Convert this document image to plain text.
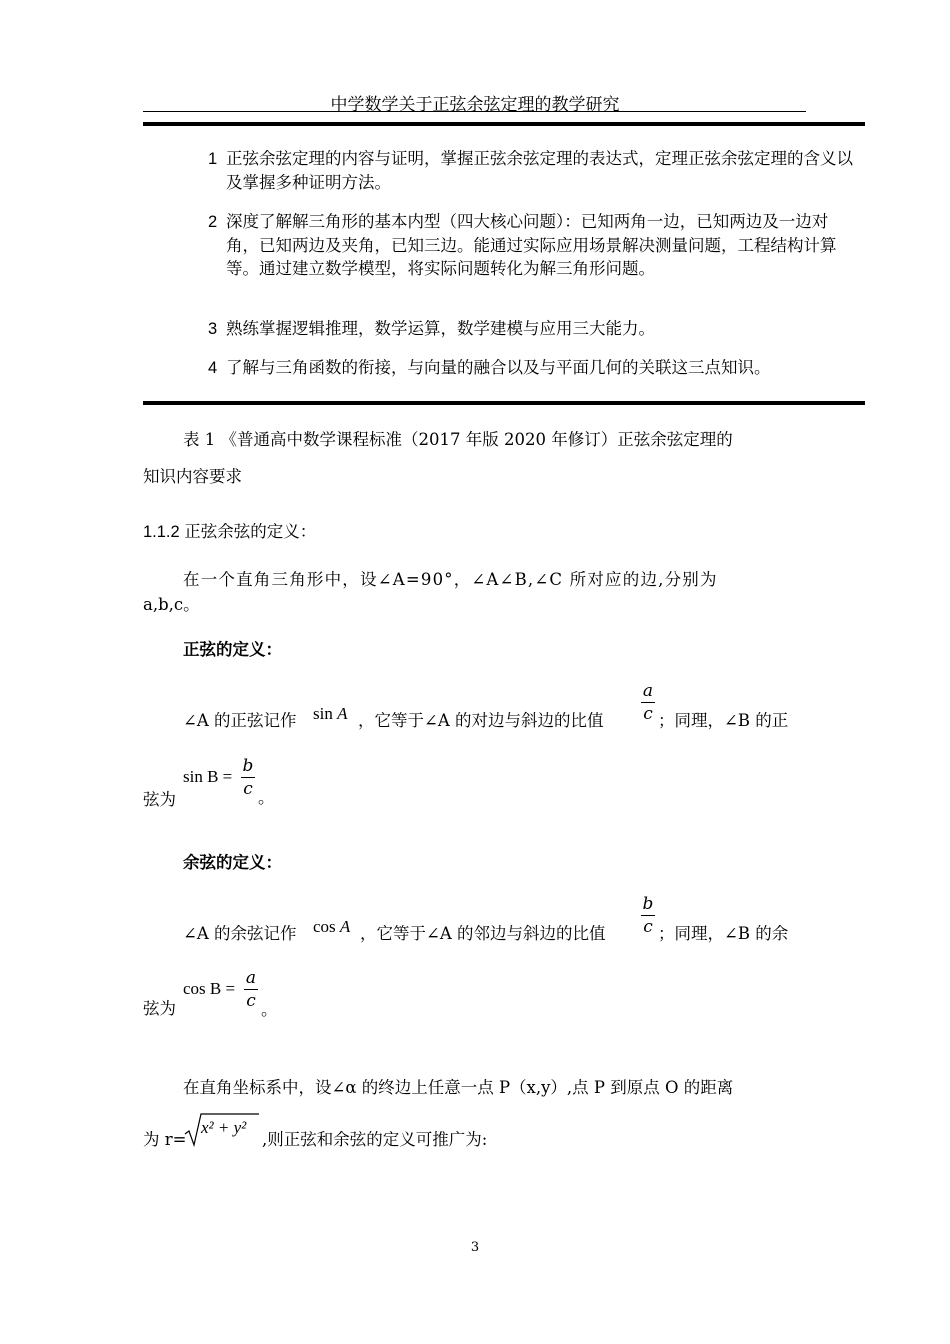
中学数学关于正弦余弦定理的教学研究
1 正弦余弦定理的内容与证明，掌握正弦余弦定理的表达式，定理正弦余弦定理的含义以及掌握多种证明方法。
2 深度了解解三角形的基本内型（四大核心问题）：已知两角一边，已知两边及一边对角，已知两边及夹角，已知三边。能通过实际应用场景解决测量问题，工程结构计算等。通过建立数学模型，将实际问题转化为解三角形问题。
3 熟练掌握逻辑推理，数学运算，数学建模与应用三大能力。
4 了解与三角函数的衔接，与向量的融合以及与平面几何的关联这三点知识。
表 1 《普通高中数学课程标准（2017 年版 2020 年修订）正弦余弦定理的
知识内容要求
1.1.2 正弦余弦的定义：
在一个直角三角形中，设∠A=90°，∠A∠B,∠C 所对应的边,分别为
a,b,c。
正弦的定义：
∠A 的正弦记作 sin A ，它等于∠A 的对边与斜边的比值
a
c ；同理，∠B 的正
弦为
sin B =
b
c 。
余弦的定义：
∠A 的余弦记作 cos A ，它等于∠A 的邻边与斜边的比值
b
c ；同理，∠B 的余
弦为
cos B =
a
c 。
在直角坐标系中，设∠α 的终边上任意一点 P（x,y）,点 P 到原点 O 的距离
为 r=
x² + y²
,则正弦和余弦的定义可推广为:
3
